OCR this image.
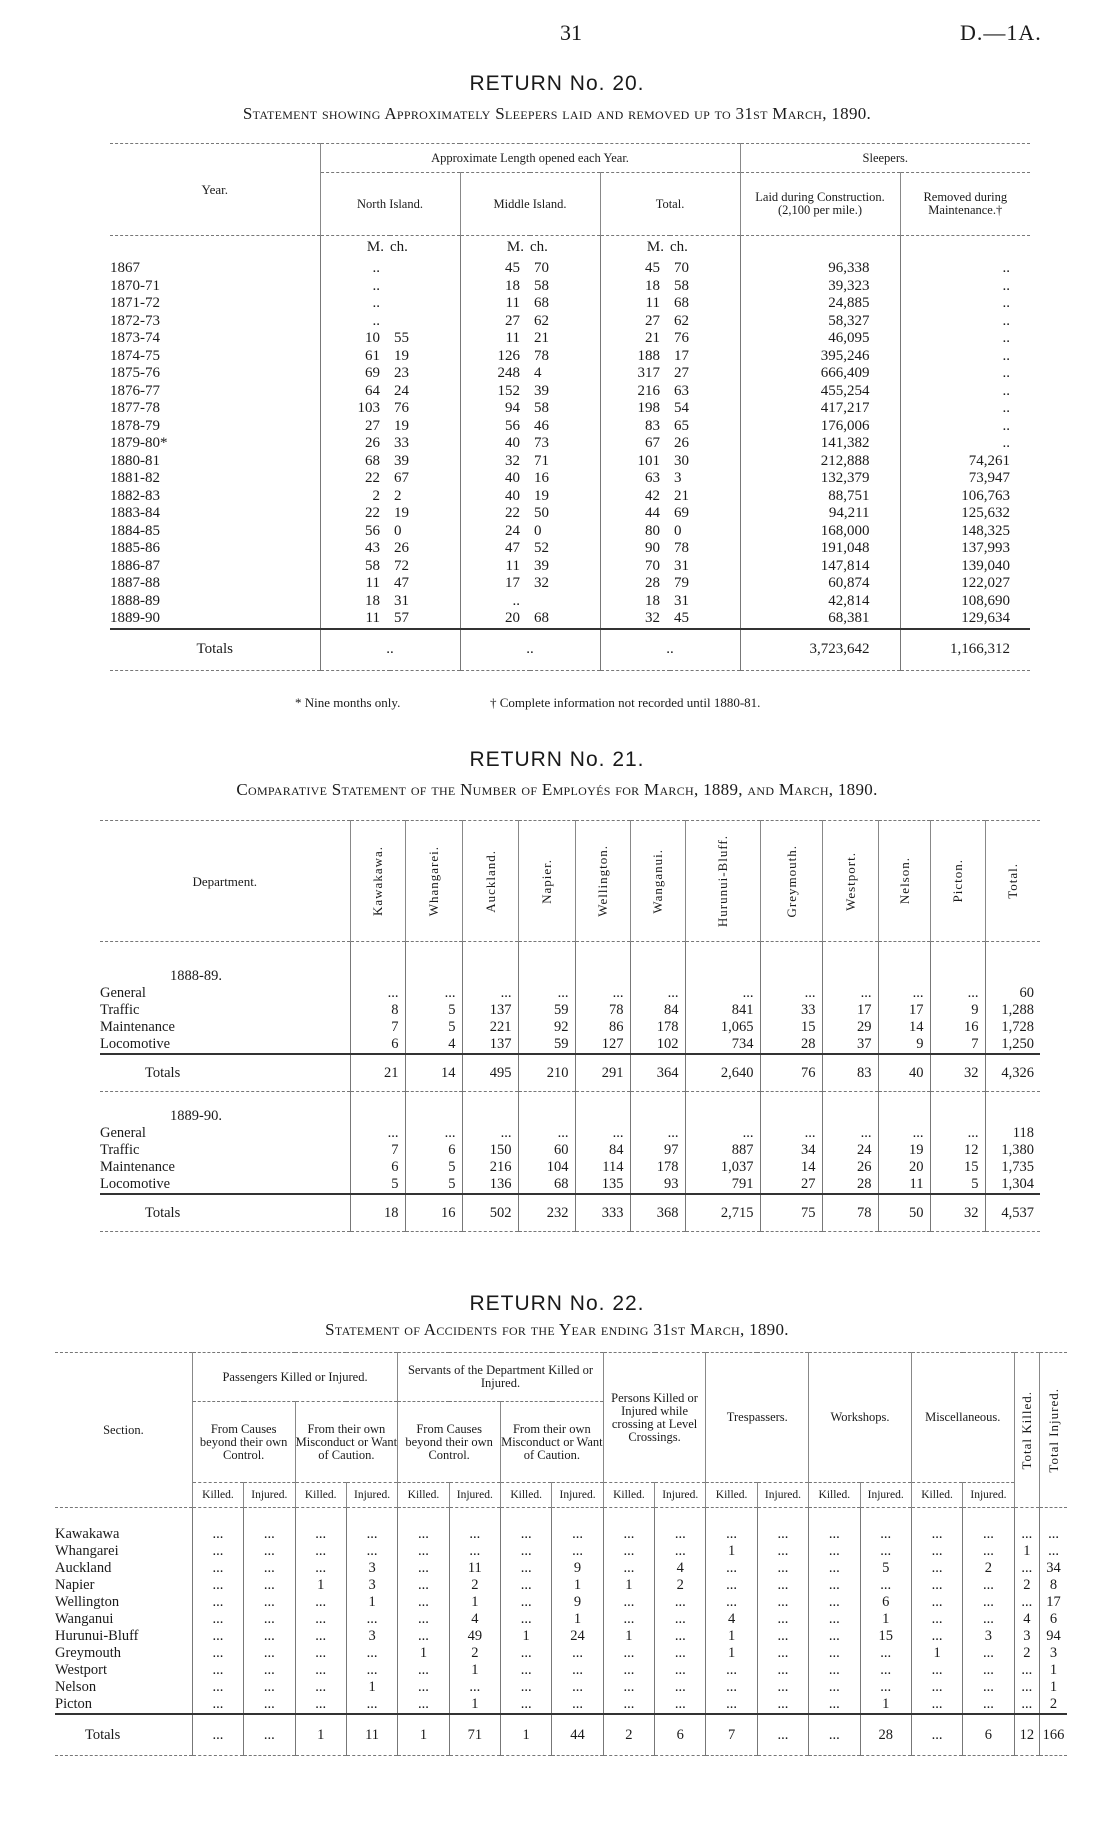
31	D.—1A.
RETURN No. 20.
Statement showing Approximately Sleepers laid and removed up to 31st March, 1890.
Year.	Approximate Length opened each Year.						Sleepers.	
	North Island.		Middle Island.		Total.		Laid during Construction. (2,100 per mile.)	Removed during Maintenance.†
	M.	ch.	M.	ch.	M.	ch.		
1867	..		45	70	45	70	96,338	..
1870-71	..		18	58	18	58	39,323	..
1871-72	..		11	68	11	68	24,885	..
1872-73	..		27	62	27	62	58,327	..
1873-74	10	55	11	21	21	76	46,095	..
1874-75	61	19	126	78	188	17	395,246	..
1875-76	69	23	248	4	317	27	666,409	..
1876-77	64	24	152	39	216	63	455,254	..
1877-78	103	76	94	58	198	54	417,217	..
1878-79	27	19	56	46	83	65	176,006	..
1879-80*	26	33	40	73	67	26	141,382	..
1880-81	68	39	32	71	101	30	212,888	74,261
1881-82	22	67	40	16	63	3	132,379	73,947
1882-83	2	2	40	19	42	21	88,751	106,763
1883-84	22	19	22	50	44	69	94,211	125,632
1884-85	56	0	24	0	80	0	168,000	148,325
1885-86	43	26	47	52	90	78	191,048	137,993
1886-87	58	72	11	39	70	31	147,814	139,040
1887-88	11	47	17	32	28	79	60,874	122,027
1888-89	18	31	..		18	31	42,814	108,690
1889-90	11	57	20	68	32	45	68,381	129,634
Totals	..		..		..		3,723,642	1,166,312
* Nine months only.	† Complete information not recorded until 1880-81.
RETURN No. 21.
Comparative Statement of the Number of Employés for March, 1889, and March, 1890.
Department.	Kawakawa.	Whangarei.	Auckland.	Napier.	Wellington.	Wanganui.	Hurunui-Bluff.	Greymouth.	Westport.	Nelson.	Picton.	Total.

1888-89.												
General	...	...	...	...	...	...	...	...	...	...	...	60
Traffic	8	5	137	59	78	84	841	33	17	17	9	1,288
Maintenance	7	5	221	92	86	178	1,065	15	29	14	16	1,728
Locomotive	6	4	137	59	127	102	734	28	37	9	7	1,250
Totals	21	14	495	210	291	364	2,640	76	83	40	32	4,326
1889-90.												
General	...	...	...	...	...	...	...	...	...	...	...	118
Traffic	7	6	150	60	84	97	887	34	24	19	12	1,380
Maintenance	6	5	216	104	114	178	1,037	14	26	20	15	1,735
Locomotive	5	5	136	68	135	93	791	27	28	11	5	1,304
Totals	18	16	502	232	333	368	2,715	75	78	50	32	4,537
RETURN No. 22.
Statement of Accidents for the Year ending 31st March, 1890.
Section.	Passengers Killed or Injured.				Servants of the Department Killed or Injured.				Persons Killed or Injured while crossing at Level Crossings.		Trespassers.		Workshops.		Miscellaneous.		Total Killed.	Total Injured.

	From Causes beyond their own Control.		From their own Misconduct or Want of Caution.		From Causes beyond their own Control.		From their own Misconduct or Want of Caution.											
	Killed.	Injured.	Killed.	Injured.	Killed.	Injured.	Killed.	Injured.	Killed.	Injured.	Killed.	Injured.	Killed.	Injured.	Killed.	Injured.		

Kawakawa	...	...	...	...	...	...	...	...	...	...	...	...	...	...	...	...	...	...
Whangarei	...	...	...	...	...	...	...	...	...	...	1	...	...	...	...	...	1	...
Auckland	...	...	...	3	...	11	...	9	...	4	...	...	...	5	...	2	...	34
Napier	...	...	1	3	...	2	...	1	1	2	...	...	...	...	...	...	2	8
Wellington	...	...	...	1	...	1	...	9	...	...	...	...	...	6	...	...	...	17
Wanganui	...	...	...	...	...	4	...	1	...	...	4	...	...	1	...	...	4	6
Hurunui-Bluff	...	...	...	3	...	49	1	24	1	...	1	...	...	15	...	3	3	94
Greymouth	...	...	...	...	1	2	...	...	...	...	1	...	...	...	1	...	2	3
Westport	...	...	...	...	...	1	...	...	...	...	...	...	...	...	...	...	...	1
Nelson	...	...	...	1	...	...	...	...	...	...	...	...	...	...	...	...	...	1
Picton	...	...	...	...	...	1	...	...	...	...	...	...	...	1	...	...	...	2
Totals	...	...	1	11	1	71	1	44	2	6	7	...	...	28	...	6	12	166
